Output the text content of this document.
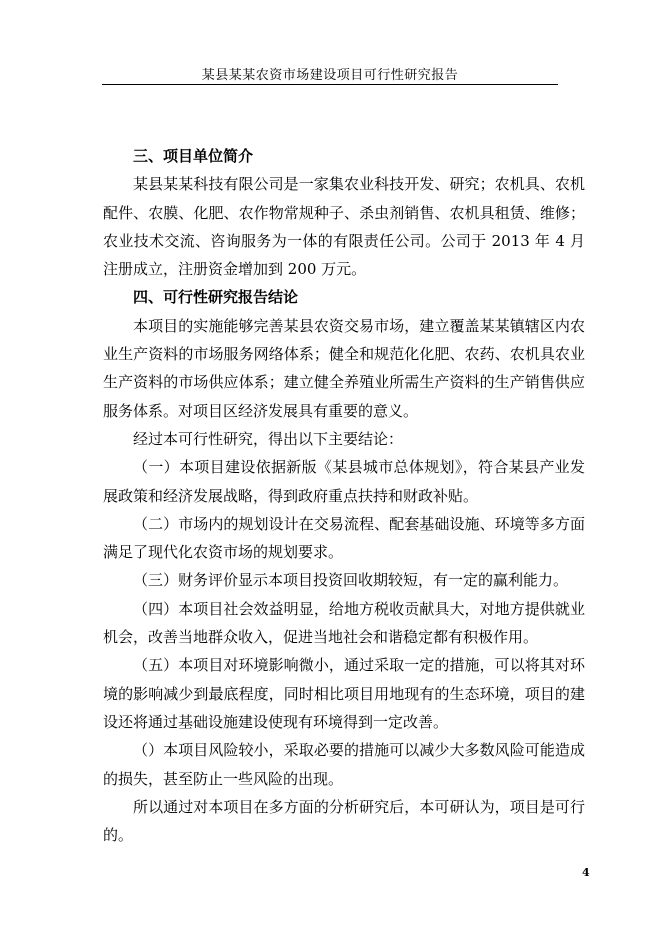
某县某某农资市场建设项目可行性研究报告
三、项目单位简介

某县某某科技有限公司是一家集农业科技开发、研究；农机具、农机配件、农膜、化肥、农作物常规种子、杀虫剂销售、农机具租赁、维修；农业技术交流、咨询服务为一体的有限责任公司。公司于 2013 年 4 月注册成立，注册资金增加到 200 万元。

四、可行性研究报告结论

本项目的实施能够完善某县农资交易市场，建立覆盖某某镇辖区内农业生产资料的市场服务网络体系；健全和规范化化肥、农药、农机具农业生产资料的市场供应体系；建立健全养殖业所需生产资料的生产销售供应服务体系。对项目区经济发展具有重要的意义。

经过本可行性研究，得出以下主要结论：

（一）本项目建设依据新版《某县城市总体规划》，符合某县产业发展政策和经济发展战略，得到政府重点扶持和财政补贴。

（二）市场内的规划设计在交易流程、配套基础设施、环境等多方面满足了现代化农资市场的规划要求。

（三）财务评价显示本项目投资回收期较短，有一定的赢利能力。

（四）本项目社会效益明显，给地方税收贡献具大，对地方提供就业机会，改善当地群众收入，促进当地社会和谐稳定都有积极作用。

（五）本项目对环境影响微小，通过采取一定的措施，可以将其对环境的影响减少到最底程度，同时相比项目用地现有的生态环境，项目的建设还将通过基础设施建设使现有环境得到一定改善。

（）本项目风险较小，采取必要的措施可以减少大多数风险可能造成的损失，甚至防止一些风险的出现。

所以通过对本项目在多方面的分析研究后，本可研认为，项目是可行的。

4
